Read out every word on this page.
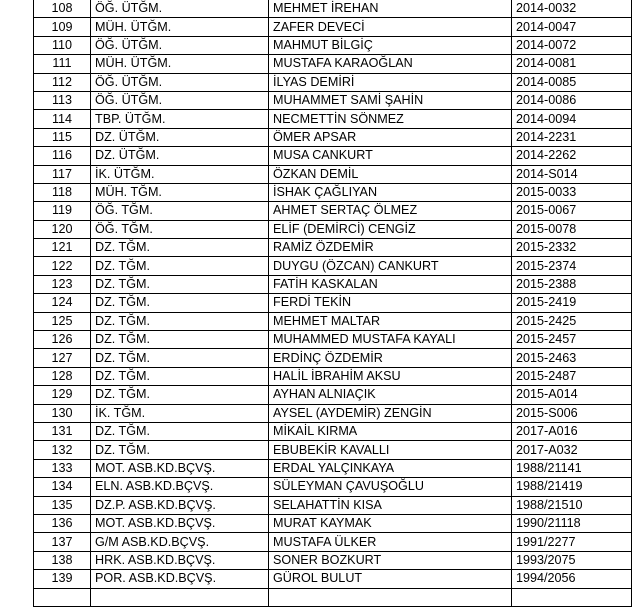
108	ÖĞ. ÜTĞM.	MEHMET İREHAN	2014-0032
109	MÜH. ÜTĞM.	ZAFER DEVECİ	2014-0047
110	ÖĞ. ÜTĞM.	MAHMUT BİLGİÇ	2014-0072
111	MÜH. ÜTĞM.	MUSTAFA KARAOĞLAN	2014-0081
112	ÖĞ. ÜTĞM.	İLYAS DEMİRİ	2014-0085
113	ÖĞ. ÜTĞM.	MUHAMMET SAMİ ŞAHİN	2014-0086
114	TBP. ÜTĞM.	NECMETTİN SÖNMEZ	2014-0094
115	DZ. ÜTĞM.	ÖMER APSAR	2014-2231
116	DZ. ÜTĞM.	MUSA CANKURT	2014-2262
117	İK. ÜTĞM.	ÖZKAN DEMİL	2014-S014
118	MÜH. TĞM.	İSHAK ÇAĞLIYAN	2015-0033
119	ÖĞ. TĞM.	AHMET SERTAÇ ÖLMEZ	2015-0067
120	ÖĞ. TĞM.	ELİF (DEMİRCİ) CENGİZ	2015-0078
121	DZ. TĞM.	RAMİZ ÖZDEMİR	2015-2332
122	DZ. TĞM.	DUYGU (ÖZCAN) CANKURT	2015-2374
123	DZ. TĞM.	FATİH KASKALAN	2015-2388
124	DZ. TĞM.	FERDİ TEKİN	2015-2419
125	DZ. TĞM.	MEHMET MALTAR	2015-2425
126	DZ. TĞM.	MUHAMMED MUSTAFA KAYALI	2015-2457
127	DZ. TĞM.	ERDİNÇ ÖZDEMİR	2015-2463
128	DZ. TĞM.	HALİL İBRAHİM AKSU	2015-2487
129	DZ. TĞM.	AYHAN ALNIAÇIK	2015-A014
130	İK. TĞM.	AYSEL (AYDEMİR) ZENGİN	2015-S006
131	DZ. TĞM.	MİKAİL KIRMA	2017-A016
132	DZ. TĞM.	EBUBEKİR KAVALLI	2017-A032
133	MOT. ASB.KD.BÇVŞ.	ERDAL YALÇINKAYA	1988/21141
134	ELN. ASB.KD.BÇVŞ.	SÜLEYMAN ÇAVUŞOĞLU	1988/21419
135	DZ.P. ASB.KD.BÇVŞ.	SELAHATTİN KISA	1988/21510
136	MOT. ASB.KD.BÇVŞ.	MURAT KAYMAK	1990/21118
137	G/M ASB.KD.BÇVŞ.	MUSTAFA ÜLKER	1991/2277
138	HRK. ASB.KD.BÇVŞ.	SONER BOZKURT	1993/2075
139	POR. ASB.KD.BÇVŞ.	GÜROL BULUT	1994/2056
